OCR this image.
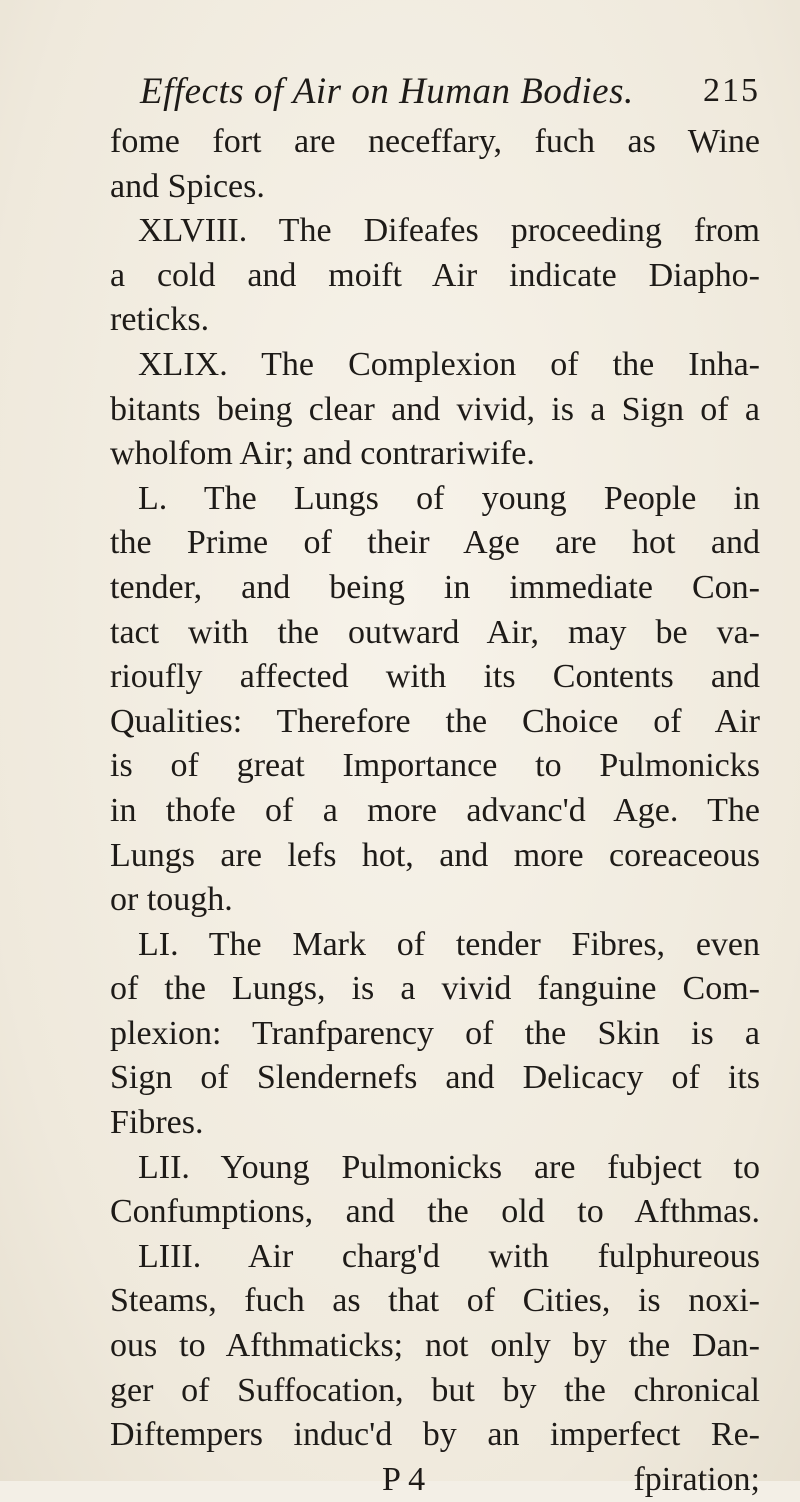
Effects of Air on Human Bodies. 215
fome fort are neceffary, fuch as Wine
and Spices.
XLVIII. The Difeafes proceeding from
a cold and moift Air indicate Diapho-
reticks.
XLIX. The Complexion of the Inha-
bitants being clear and vivid, is a Sign of a
wholfom Air; and contrariwife.
L. The Lungs of young People in
the Prime of their Age are hot and
tender, and being in immediate Con-
tact with the outward Air, may be va-
rioufly affected with its Contents and
Qualities: Therefore the Choice of Air
is of great Importance to Pulmonicks
in thofe of a more advanc'd Age. The
Lungs are lefs hot, and more coreaceous
or tough.
LI. The Mark of tender Fibres, even
of the Lungs, is a vivid fanguine Com-
plexion: Tranfparency of the Skin is a
Sign of Slendernefs and Delicacy of its
Fibres.
LII. Young Pulmonicks are fubject to
Confumptions, and the old to Afthmas.
LIII. Air charg'd with fulphureous
Steams, fuch as that of Cities, is noxi-
ous to Afthmaticks; not only by the Dan-
ger of Suffocation, but by the chronical
Diftempers induc'd by an imperfect Re-
P 4	fpiration;
